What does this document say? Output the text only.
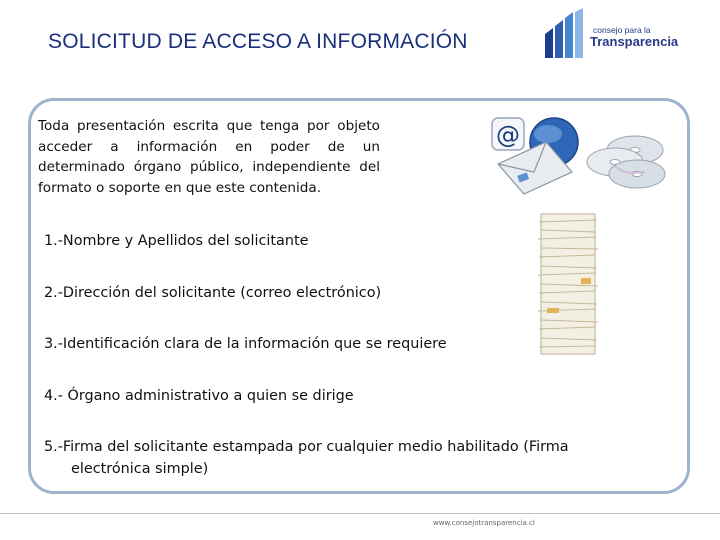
SOLICITUD DE ACCESO A INFORMACIÓN	consejo para la
Transparencia
Toda presentación escrita que tenga por objeto acceder a información en poder de un determinado órgano público, independiente del formato o soporte en que este contenida.
@
1.-Nombre y Apellidos del solicitante
2.-Dirección del solicitante (correo electrónico)
3.-Identificación clara de la información que se requiere
4.- Órgano administrativo a quien se dirige
5.-Firma del solicitante estampada por cualquier medio habilitado (Firma electrónica simple)
www.consejotransparencia.cl
